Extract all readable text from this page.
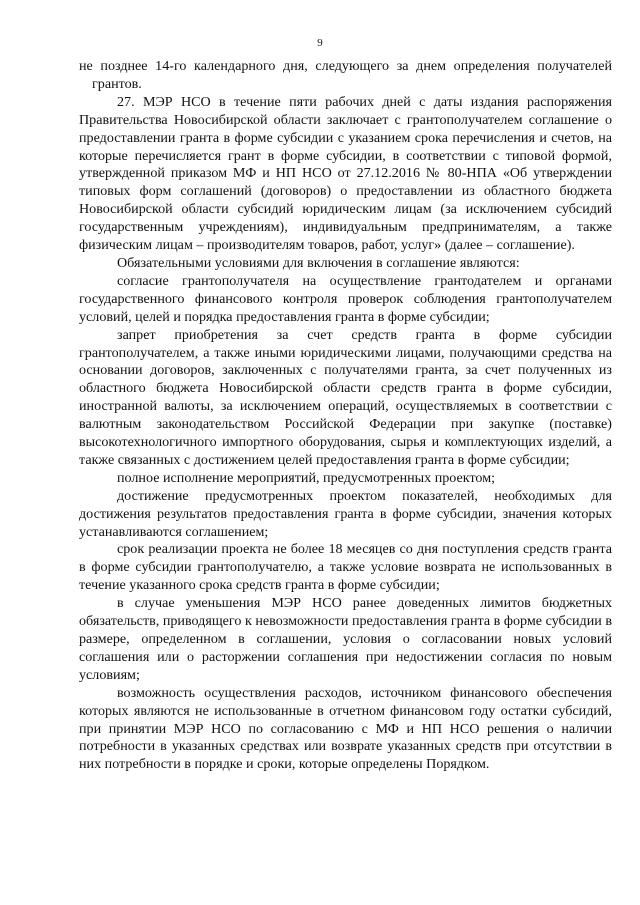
9

не позднее 14-го календарного дня, следующего за днем определения получателей грантов.

27. МЭР НСО в течение пяти рабочих дней с даты издания распоряжения Правительства Новосибирской области заключает с грантополучателем соглашение о предоставлении гранта в форме субсидии с указанием срока перечисления и счетов, на которые перечисляется грант в форме субсидии, в соответствии с типовой формой, утвержденной приказом МФ и НП НСО от 27.12.2016 № 80-НПА «Об утверждении типовых форм соглашений (договоров) о предоставлении из областного бюджета Новосибирской области субсидий юридическим лицам (за исключением субсидий государственным учреждениям), индивидуальным предпринимателям, а также физическим лицам – производителям товаров, работ, услуг» (далее – соглашение).

Обязательными условиями для включения в соглашение являются:

согласие грантополучателя на осуществление грантодателем и органами государственного финансового контроля проверок соблюдения грантополучателем условий, целей и порядка предоставления гранта в форме субсидии;

запрет приобретения за счет средств гранта в форме субсидии грантополучателем, а также иными юридическими лицами, получающими средства на основании договоров, заключенных с получателями гранта, за счет полученных из областного бюджета Новосибирской области средств гранта в форме субсидии, иностранной валюты, за исключением операций, осуществляемых в соответствии с валютным законодательством Российской Федерации при закупке (поставке) высокотехнологичного импортного оборудования, сырья и комплектующих изделий, а также связанных с достижением целей предоставления гранта в форме субсидии;

полное исполнение мероприятий, предусмотренных проектом;

достижение предусмотренных проектом показателей, необходимых для достижения результатов предоставления гранта в форме субсидии, значения которых устанавливаются соглашением;

срок реализации проекта не более 18 месяцев со дня поступления средств гранта в форме субсидии грантополучателю, а также условие возврата не использованных в течение указанного срока средств гранта в форме субсидии;

в случае уменьшения МЭР НСО ранее доведенных лимитов бюджетных обязательств, приводящего к невозможности предоставления гранта в форме субсидии в размере, определенном в соглашении, условия о согласовании новых условий соглашения или о расторжении соглашения при недостижении согласия по новым условиям;

возможность осуществления расходов, источником финансового обеспечения которых являются не использованные в отчетном финансовом году остатки субсидий, при принятии МЭР НСО по согласованию с МФ и НП НСО решения о наличии потребности в указанных средствах или возврате указанных средств при отсутствии в них потребности в порядке и сроки, которые определены Порядком.
